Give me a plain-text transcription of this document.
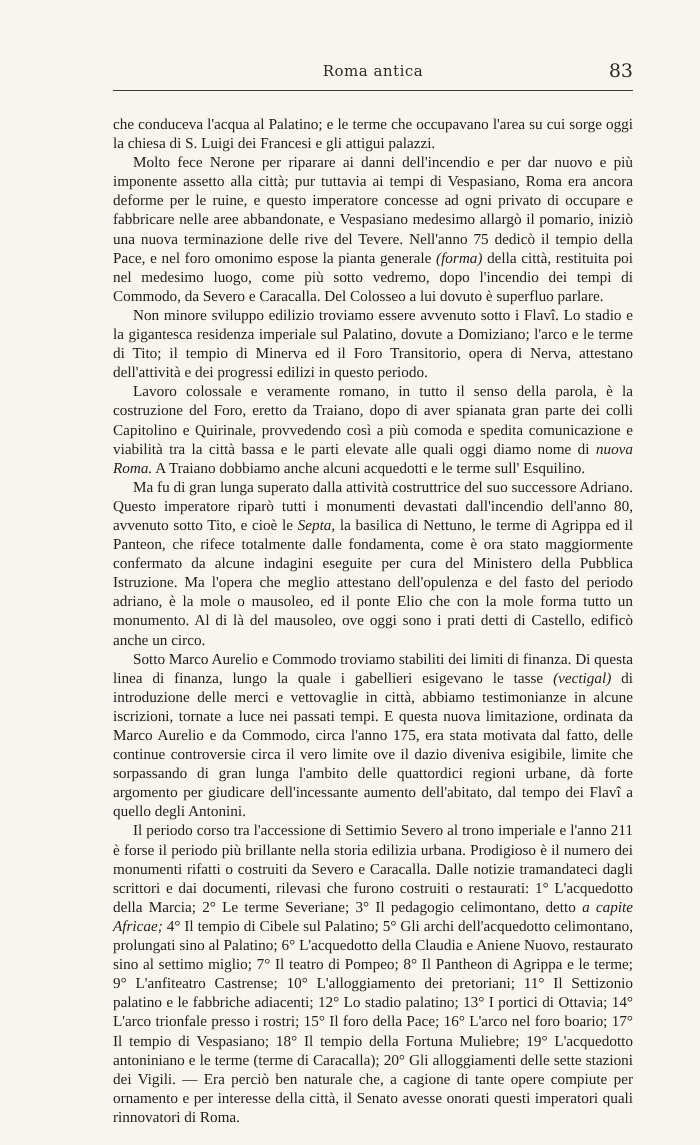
Roma antica	83

che conduceva l'acqua al Palatino; e le terme che occupavano l'area su cui sorge oggi la chiesa di S. Luigi dei Francesi e gli attigui palazzi.

Molto fece Nerone per riparare ai danni dell'incendio e per dar nuovo e più imponente assetto alla città; pur tuttavia ai tempi di Vespasiano, Roma era ancora deforme per le ruine, e questo imperatore concesse ad ogni privato di occupare e fabbricare nelle aree abbandonate, e Vespasiano medesimo allargò il pomario, iniziò una nuova terminazione delle rive del Tevere. Nell'anno 75 dedicò il tempio della Pace, e nel foro omonimo espose la pianta generale (forma) della città, restituita poi nel medesimo luogo, come più sotto vedremo, dopo l'incendio dei tempi di Commodo, da Severo e Caracalla. Del Colosseo a lui dovuto è superfluo parlare.

Non minore sviluppo edilizio troviamo essere avvenuto sotto i Flavî. Lo stadio e la gigantesca residenza imperiale sul Palatino, dovute a Domiziano; l'arco e le terme di Tito; il tempio di Minerva ed il Foro Transitorio, opera di Nerva, attestano dell'attività e dei progressi edilizi in questo periodo.

Lavoro colossale e veramente romano, in tutto il senso della parola, è la costruzione del Foro, eretto da Traiano, dopo di aver spianata gran parte dei colli Capitolino e Quirinale, provvedendo così a più comoda e spedita comunicazione e viabilità tra la città bassa e le parti elevate alle quali oggi diamo nome di nuova Roma. A Traiano dobbiamo anche alcuni acquedotti e le terme sull' Esquilino.

Ma fu di gran lunga superato dalla attività costruttrice del suo successore Adriano. Questo imperatore riparò tutti i monumenti devastati dall'incendio dell'anno 80, avvenuto sotto Tito, e cioè le Septa, la basilica di Nettuno, le terme di Agrippa ed il Panteon, che rifece totalmente dalle fondamenta, come è ora stato maggiormente confermato da alcune indagini eseguite per cura del Ministero della Pubblica Istruzione. Ma l'opera che meglio attestano dell'opulenza e del fasto del periodo adriano, è la mole o mausoleo, ed il ponte Elio che con la mole forma tutto un monumento. Al di là del mausoleo, ove oggi sono i prati detti di Castello, edificò anche un circo.

Sotto Marco Aurelio e Commodo troviamo stabiliti dei limiti di finanza. Di questa linea di finanza, lungo la quale i gabellieri esigevano le tasse (vectigal) di introduzione delle merci e vettovaglie in città, abbiamo testimonianze in alcune iscrizioni, tornate a luce nei passati tempi. E questa nuova limitazione, ordinata da Marco Aurelio e da Commodo, circa l'anno 175, era stata motivata dal fatto, delle continue controversie circa il vero limite ove il dazio diveniva esigibile, limite che sorpassando di gran lunga l'ambito delle quattordici regioni urbane, dà forte argomento per giudicare dell'incessante aumento dell'abitato, dal tempo dei Flavî a quello degli Antonini.

Il periodo corso tra l'accessione di Settimio Severo al trono imperiale e l'anno 211 è forse il periodo più brillante nella storia edilizia urbana. Prodigioso è il numero dei monumenti rifatti o costruiti da Severo e Caracalla. Dalle notizie tramandateci dagli scrittori e dai documenti, rilevasi che furono costruiti o restaurati: 1° L'acquedotto della Marcia; 2° Le terme Severiane; 3° Il pedagogio celimontano, detto a capite Africae; 4° Il tempio di Cibele sul Palatino; 5° Gli archi dell'acquedotto celimontano, prolungati sino al Palatino; 6° L'acquedotto della Claudia e Aniene Nuovo, restaurato sino al settimo miglio; 7° Il teatro di Pompeo; 8° Il Pantheon di Agrippa e le terme; 9° L'anfiteatro Castrense; 10° L'alloggiamento dei pretoriani; 11° Il Settizonio palatino e le fabbriche adiacenti; 12° Lo stadio palatino; 13° I portici di Ottavia; 14° L'arco trionfale presso i rostri; 15° Il foro della Pace; 16° L'arco nel foro boario; 17° Il tempio di Vespasiano; 18° Il tempio della Fortuna Muliebre; 19° L'acquedotto antoniniano e le terme (terme di Caracalla); 20° Gli alloggiamenti delle sette stazioni dei Vigili. — Era perciò ben naturale che, a cagione di tante opere compiute per ornamento e per interesse della città, il Senato avesse onorati questi imperatori quali rinnovatori di Roma.
